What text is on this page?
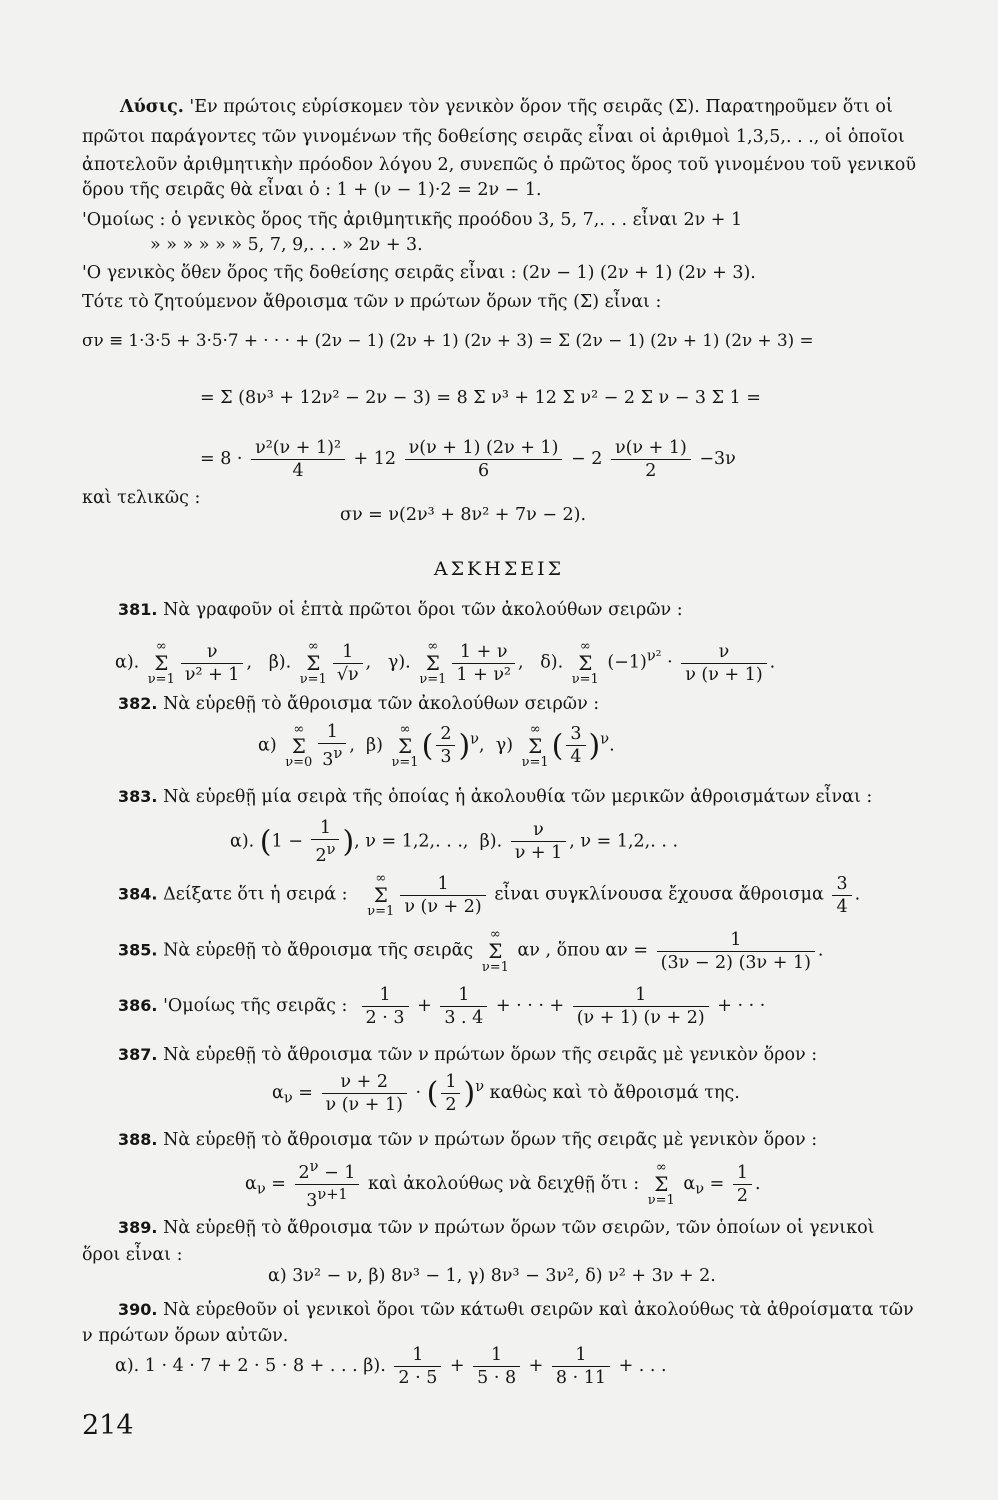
Λύσις. 'Εν πρώτοις εὑρίσκομεν τὸν γενικὸν ὅρον τῆς σειρᾶς (Σ). Παρατηροῦμεν ὅτι οἱ
πρῶτοι παράγοντες τῶν γινομένων τῆς δοθείσης σειρᾶς εἶναι οἱ ἀριθμοὶ 1,3,5,. . ., οἱ ὁποῖοι
ἀποτελοῦν ἀριθμητικὴν πρόοδον λόγου 2, συνεπῶς ὁ πρῶτος ὅρος τοῦ γινομένου τοῦ γενικοῦ
ὅρου τῆς σειρᾶς θὰ εἶναι ὁ : 1 + (ν − 1)·2 = 2ν − 1.
'Ομοίως : ὁ γενικὸς ὅρος τῆς ἀριθμητικῆς προόδου 3, 5, 7,. . . εἶναι 2ν + 1
» » » » » » 5, 7, 9,. . . » 2ν + 3.
'Ο γενικὸς ὅθεν ὅρος τῆς δοθείσης σειρᾶς εἶναι : (2ν − 1) (2ν + 1) (2ν + 3).
Τότε τὸ ζητούμενον ἄθροισμα τῶν ν πρώτων ὅρων τῆς (Σ) εἶναι :
σν ≡ 1·3·5 + 3·5·7 + · · · + (2ν − 1) (2ν + 1) (2ν + 3) = Σ (2ν − 1) (2ν + 1) (2ν + 3) =
= Σ (8ν³ + 12ν² − 2ν − 3) = 8 Σ ν³ + 12 Σ ν² − 2 Σ ν − 3 Σ 1 =
= $8 \cdot \frac{\text{ν²(ν + 1)²}}{4} + 12 \frac{\nu(\nu + 1) (2\nu + 1)}{6} - 2 \frac{\nu(\nu + 1)}{2} -3\nu$
καὶ τελικῶς :
σν = ν(2ν³ + 8ν² + 7ν − 2).
ΑΣΚΗΣΕΙΣ
381. Νὰ γραφοῦν οἱ ἑπτὰ πρῶτοι ὅροι τῶν ἀκολούθων σειρῶν :
α). ∞
Σ
$\nu=1 \frac{\nu}{\text{ν² + 1}}$ ,   β). ∞
Σ
$\nu=1 \frac{1}{√\nu}$ ,   γ). ∞
Σ
$\nu=1 \frac{1 + \nu}{\text{1 + ν²}}$ ,   δ). ∞
Σ
ν=1 $(-1)^{\nu^2} \cdot \frac{\nu}{\nu (\nu + 1)}$ .
382. Νὰ εὑρεθῇ τὸ ἄθροισμα τῶν ἀκολούθων σειρῶν :
α) ∞
Σ
$\nu=0 \frac{1}{3^\nu}$ ,  β) ∞
Σ
ν=1 ( $\frac{2}{3} )^\nu$,  γ) ∞
Σ
ν=1 ( $\frac{3}{4} )^\nu$.
383. Νὰ εὑρεθῇ μία σειρὰ τῆς ὁποίας ἡ ἀκολουθία τῶν μερικῶν ἀθροισμάτων εἶναι :
α). ($1 - \frac{1}{2^\nu}$ ), ν = 1,2,. . .,  β). $\frac{\nu}{\nu + 1}$ , ν = 1,2,. . .
384. Δείξατε ὅτι ἡ σειρά :   ∞
Σ
$\nu=1 \frac{1}{\nu (\nu + 2)}$ εἶναι συγκλίνουσα ἔχουσα ἄθροισμα $\frac{3}{4}$ .
385. Νὰ εὑρεθῇ τὸ ἄθροισμα τῆς σειρᾶς ∞
Σ
ν=1 αν , ὅπου $\alpha\nu = \frac{1}{(3\nu - 2) (3\nu + 1)}$ .
386. 'Ομοίως τῆς σειρᾶς : $\frac{1}{2 \cdot 3} + \frac{1}{3 . 4}$ + · · · + $\frac{1}{(\nu + 1) (\nu + 2)}$ + · · ·
387. Νὰ εὑρεθῇ τὸ ἄθροισμα τῶν ν πρώτων ὅρων τῆς σειρᾶς μὲ γενικὸν ὅρον :
$\alpha_\nu = \frac{\nu + 2}{\nu (\nu + 1)}$ · ( $\frac{1}{2} )^\nu$ καθὼς καὶ τὸ ἄθροισμά της.
388. Νὰ εὑρεθῇ τὸ ἄθροισμα τῶν ν πρώτων ὅρων τῆς σειρᾶς μὲ γενικὸν ὅρον :
$\alpha_\nu = \frac{2^\nu - 1}{3^{\nu+1}}$ καὶ ἀκολούθως νὰ δειχθῇ ὅτι : ∞
Σ
ν=1 $\alpha_\nu = \frac{1}{2}$ .
389. Νὰ εὑρεθῇ τὸ ἄθροισμα τῶν ν πρώτων ὅρων τῶν σειρῶν, τῶν ὁποίων οἱ γενικοὶ
ὅροι εἶναι :
α) 3ν² − ν, β) 8ν³ − 1, γ) 8ν³ − 3ν², δ) ν² + 3ν + 2.
390. Νὰ εὑρεθοῦν οἱ γενικοὶ ὅροι τῶν κάτωθι σειρῶν καὶ ἀκολούθως τὰ ἀθροίσματα τῶν
ν πρώτων ὅρων αὐτῶν.
α). 1 · 4 · 7 + 2 · 5 · 8 + . . . β). $\frac{1}{2 \cdot 5} + \frac{1}{5 \cdot 8} + \frac{1}{8 \cdot 11}$ + . . .
214
